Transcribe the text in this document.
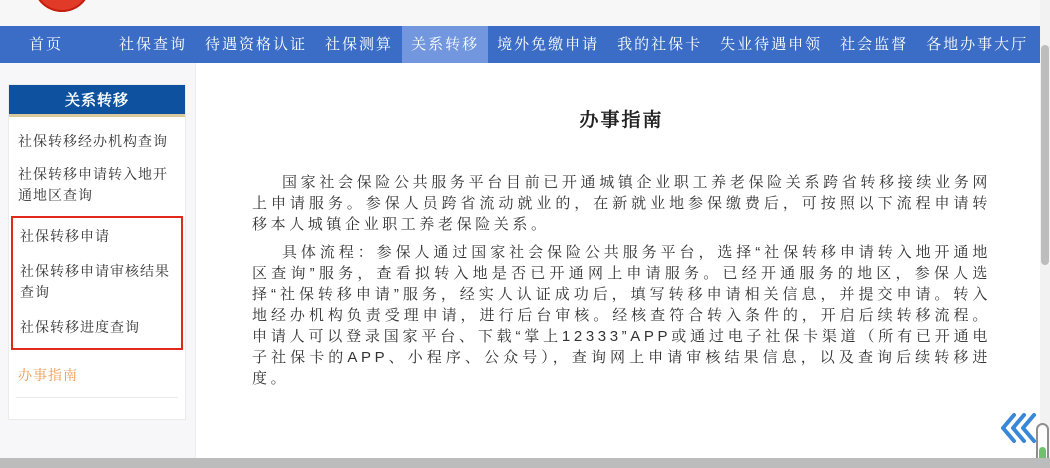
首页	社保查询	待遇资格认证	社保测算	关系转移	境外免缴申请	我的社保卡	失业待遇申领	社会监督	各地办事大厅
关系转移
社保转移经办机构查询
社保转移申请转入地开通地区查询
社保转移申请
社保转移申请审核结果查询
社保转移进度查询
办事指南
办事指南

国家社会保险公共服务平台目前已开通城镇企业职工养老保险关系跨省转移接续业务网上申请服务。参保人员跨省流动就业的，在新就业地参保缴费后，可按照以下流程申请转移本人城镇企业职工养老保险关系。

具体流程：参保人通过国家社会保险公共服务平台，选择“社保转移申请转入地开通地区查询”服务，查看拟转入地是否已开通网上申请服务。已经开通服务的地区，参保人选择“社保转移申请”服务，经实人认证成功后，填写转移申请相关信息，并提交申请。转入地经办机构负责受理申请，进行后台审核。经核查符合转入条件的，开启后续转移流程。申请人可以登录国家平台、下载“掌上12333”APP或通过电子社保卡渠道（所有已开通电子社保卡的APP、小程序、公众号），查询网上申请审核结果信息，以及查询后续转移进度。
